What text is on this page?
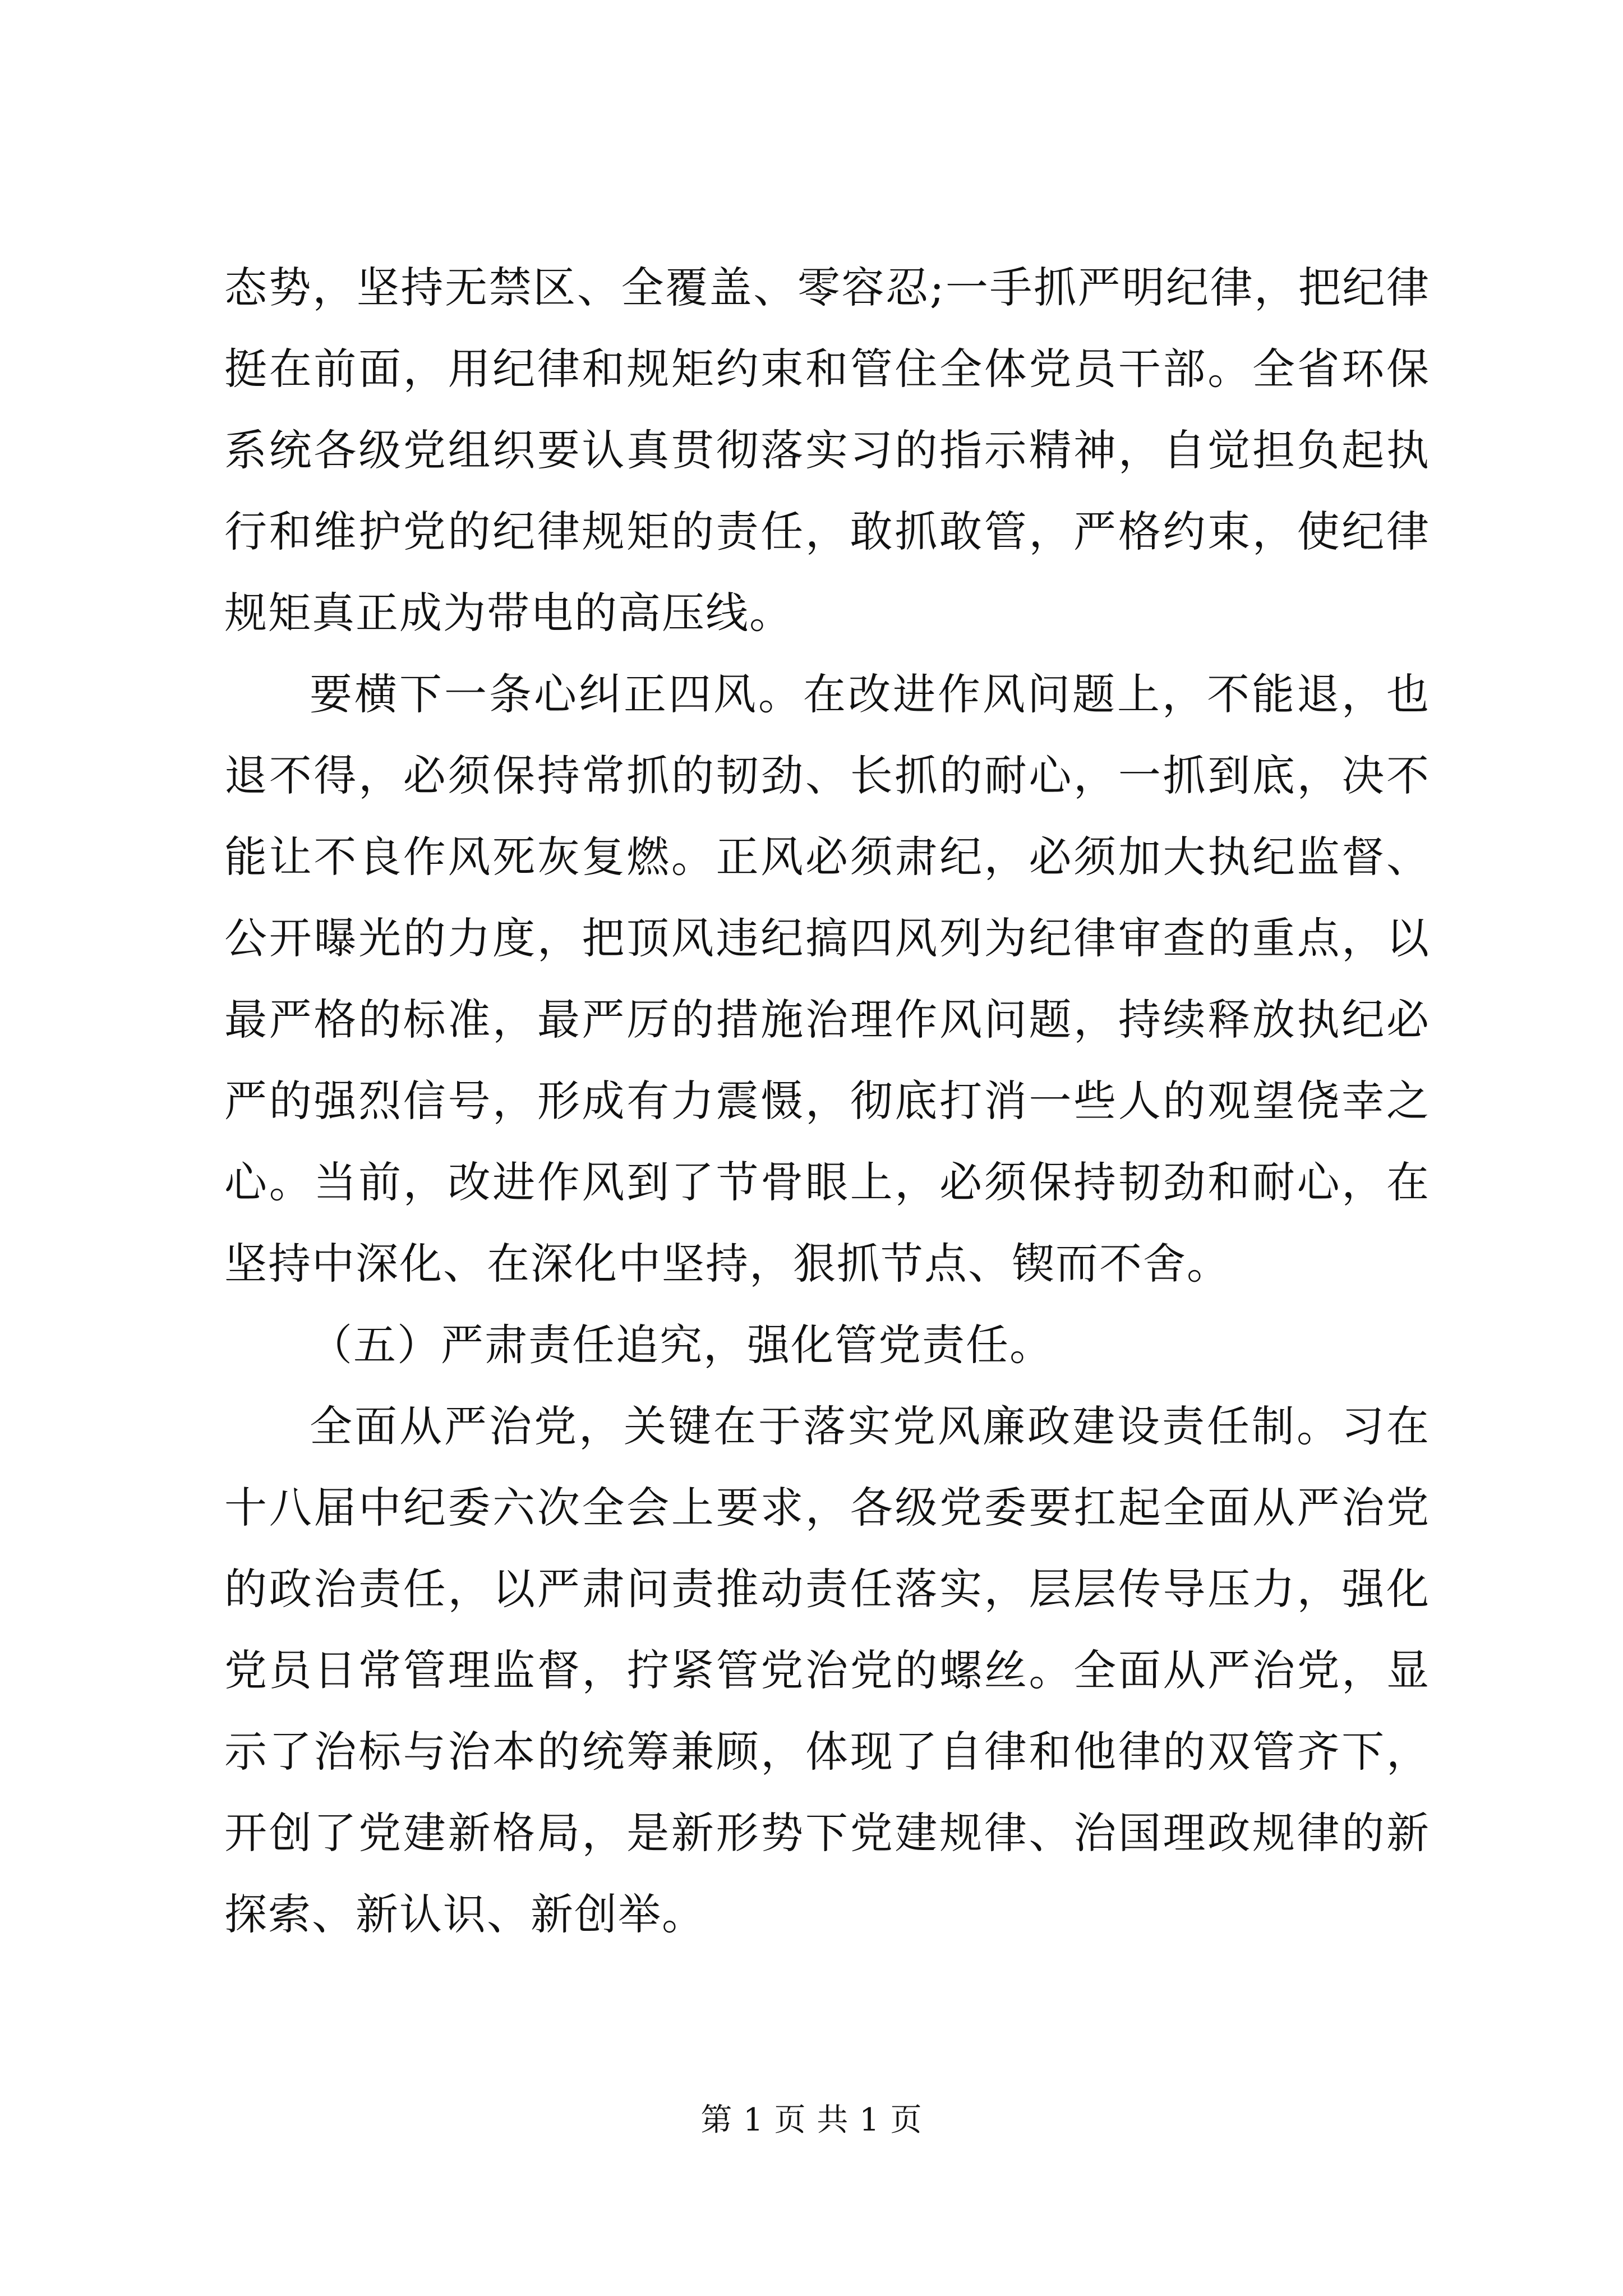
态势，坚持无禁区、全覆盖、零容忍;一手抓严明纪律，把纪律挺在前面，用纪律和规矩约束和管住全体党员干部。全省环保系统各级党组织要认真贯彻落实习的指示精神，自觉担负起执行和维护党的纪律规矩的责任，敢抓敢管，严格约束，使纪律规矩真正成为带电的高压线。

要横下一条心纠正四风。在改进作风问题上，不能退，也退不得，必须保持常抓的韧劲、长抓的耐心，一抓到底，决不能让不良作风死灰复燃。正风必须肃纪，必须加大执纪监督、公开曝光的力度，把顶风违纪搞四风列为纪律审查的重点，以最严格的标准，最严厉的措施治理作风问题，持续释放执纪必严的强烈信号，形成有力震慑，彻底打消一些人的观望侥幸之心。当前，改进作风到了节骨眼上，必须保持韧劲和耐心，在坚持中深化、在深化中坚持，狠抓节点、锲而不舍。

（五）严肃责任追究，强化管党责任。

全面从严治党，关键在于落实党风廉政建设责任制。习在十八届中纪委六次全会上要求，各级党委要扛起全面从严治党的政治责任，以严肃问责推动责任落实，层层传导压力，强化党员日常管理监督，拧紧管党治党的螺丝。全面从严治党，显示了治标与治本的统筹兼顾，体现了自律和他律的双管齐下，开创了党建新格局，是新形势下党建规律、治国理政规律的新探索、新认识、新创举。

第 1 页 共 1 页
